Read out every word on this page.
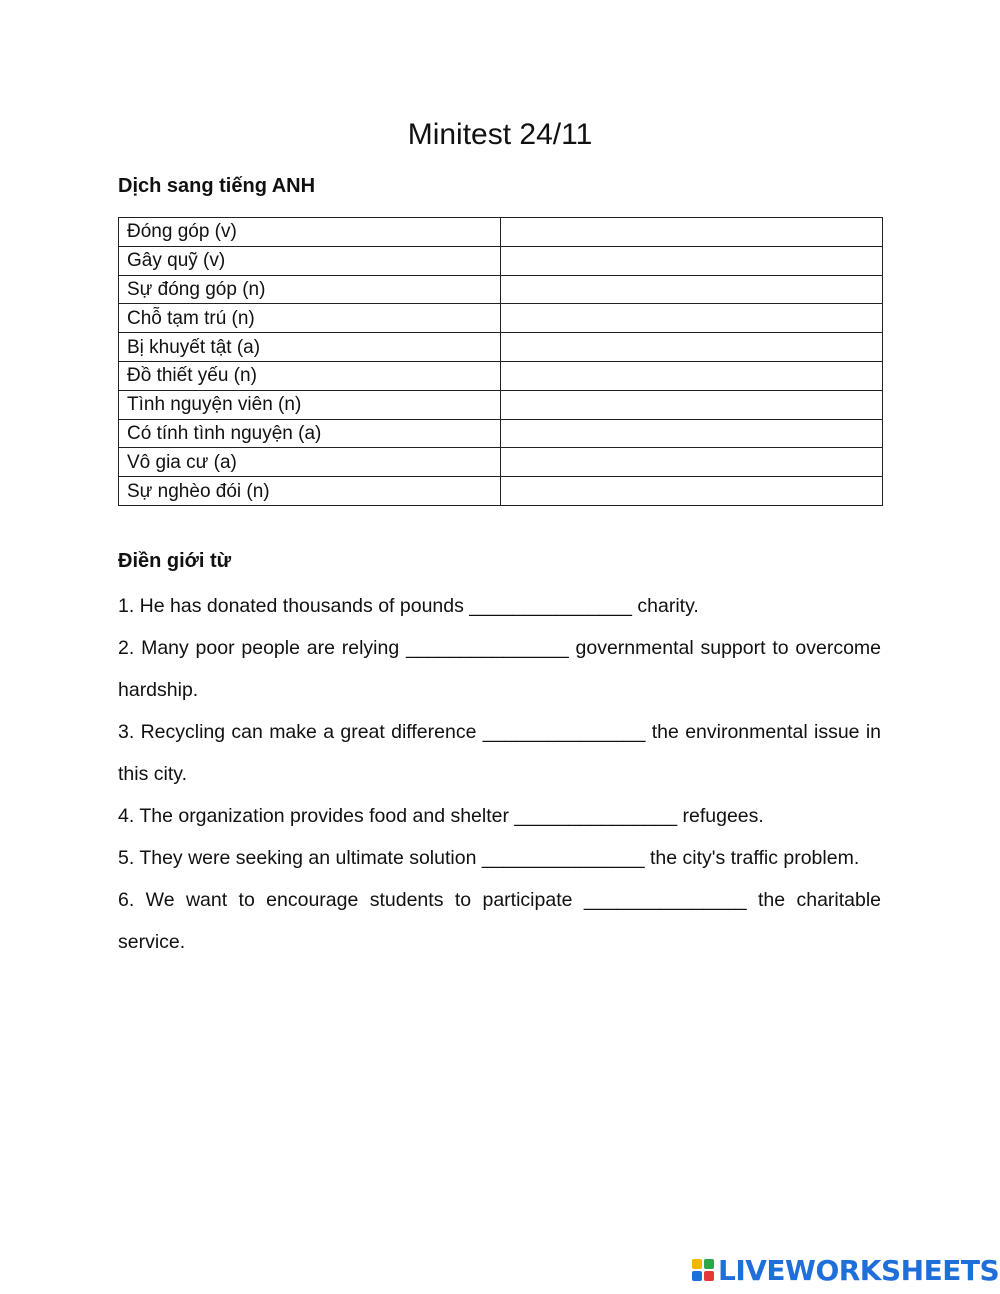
Minitest 24/11
Dịch sang tiếng ANH
Đóng góp (v)	
Gây quỹ (v)	
Sự đóng góp (n)	
Chỗ tạm trú (n)	
Bị khuyết tật (a)	
Đồ thiết yếu (n)	
Tình nguyện viên (n)	
Có tính tình nguyện (a)	
Vô gia cư (a)	
Sự nghèo đói (n)	
Điền giới từ

1. He has donated thousands of pounds _______________ charity.

2. Many poor people are relying _______________ governmental support to overcome hardship.

3. Recycling can make a great difference _______________ the environmental issue in this city.

4. The organization provides food and shelter _______________ refugees.

5. They were seeking an ultimate solution _______________ the city's traffic problem.

6. We want to encourage students to participate _______________ the charitable service.

LIVEWORKSHEETS
